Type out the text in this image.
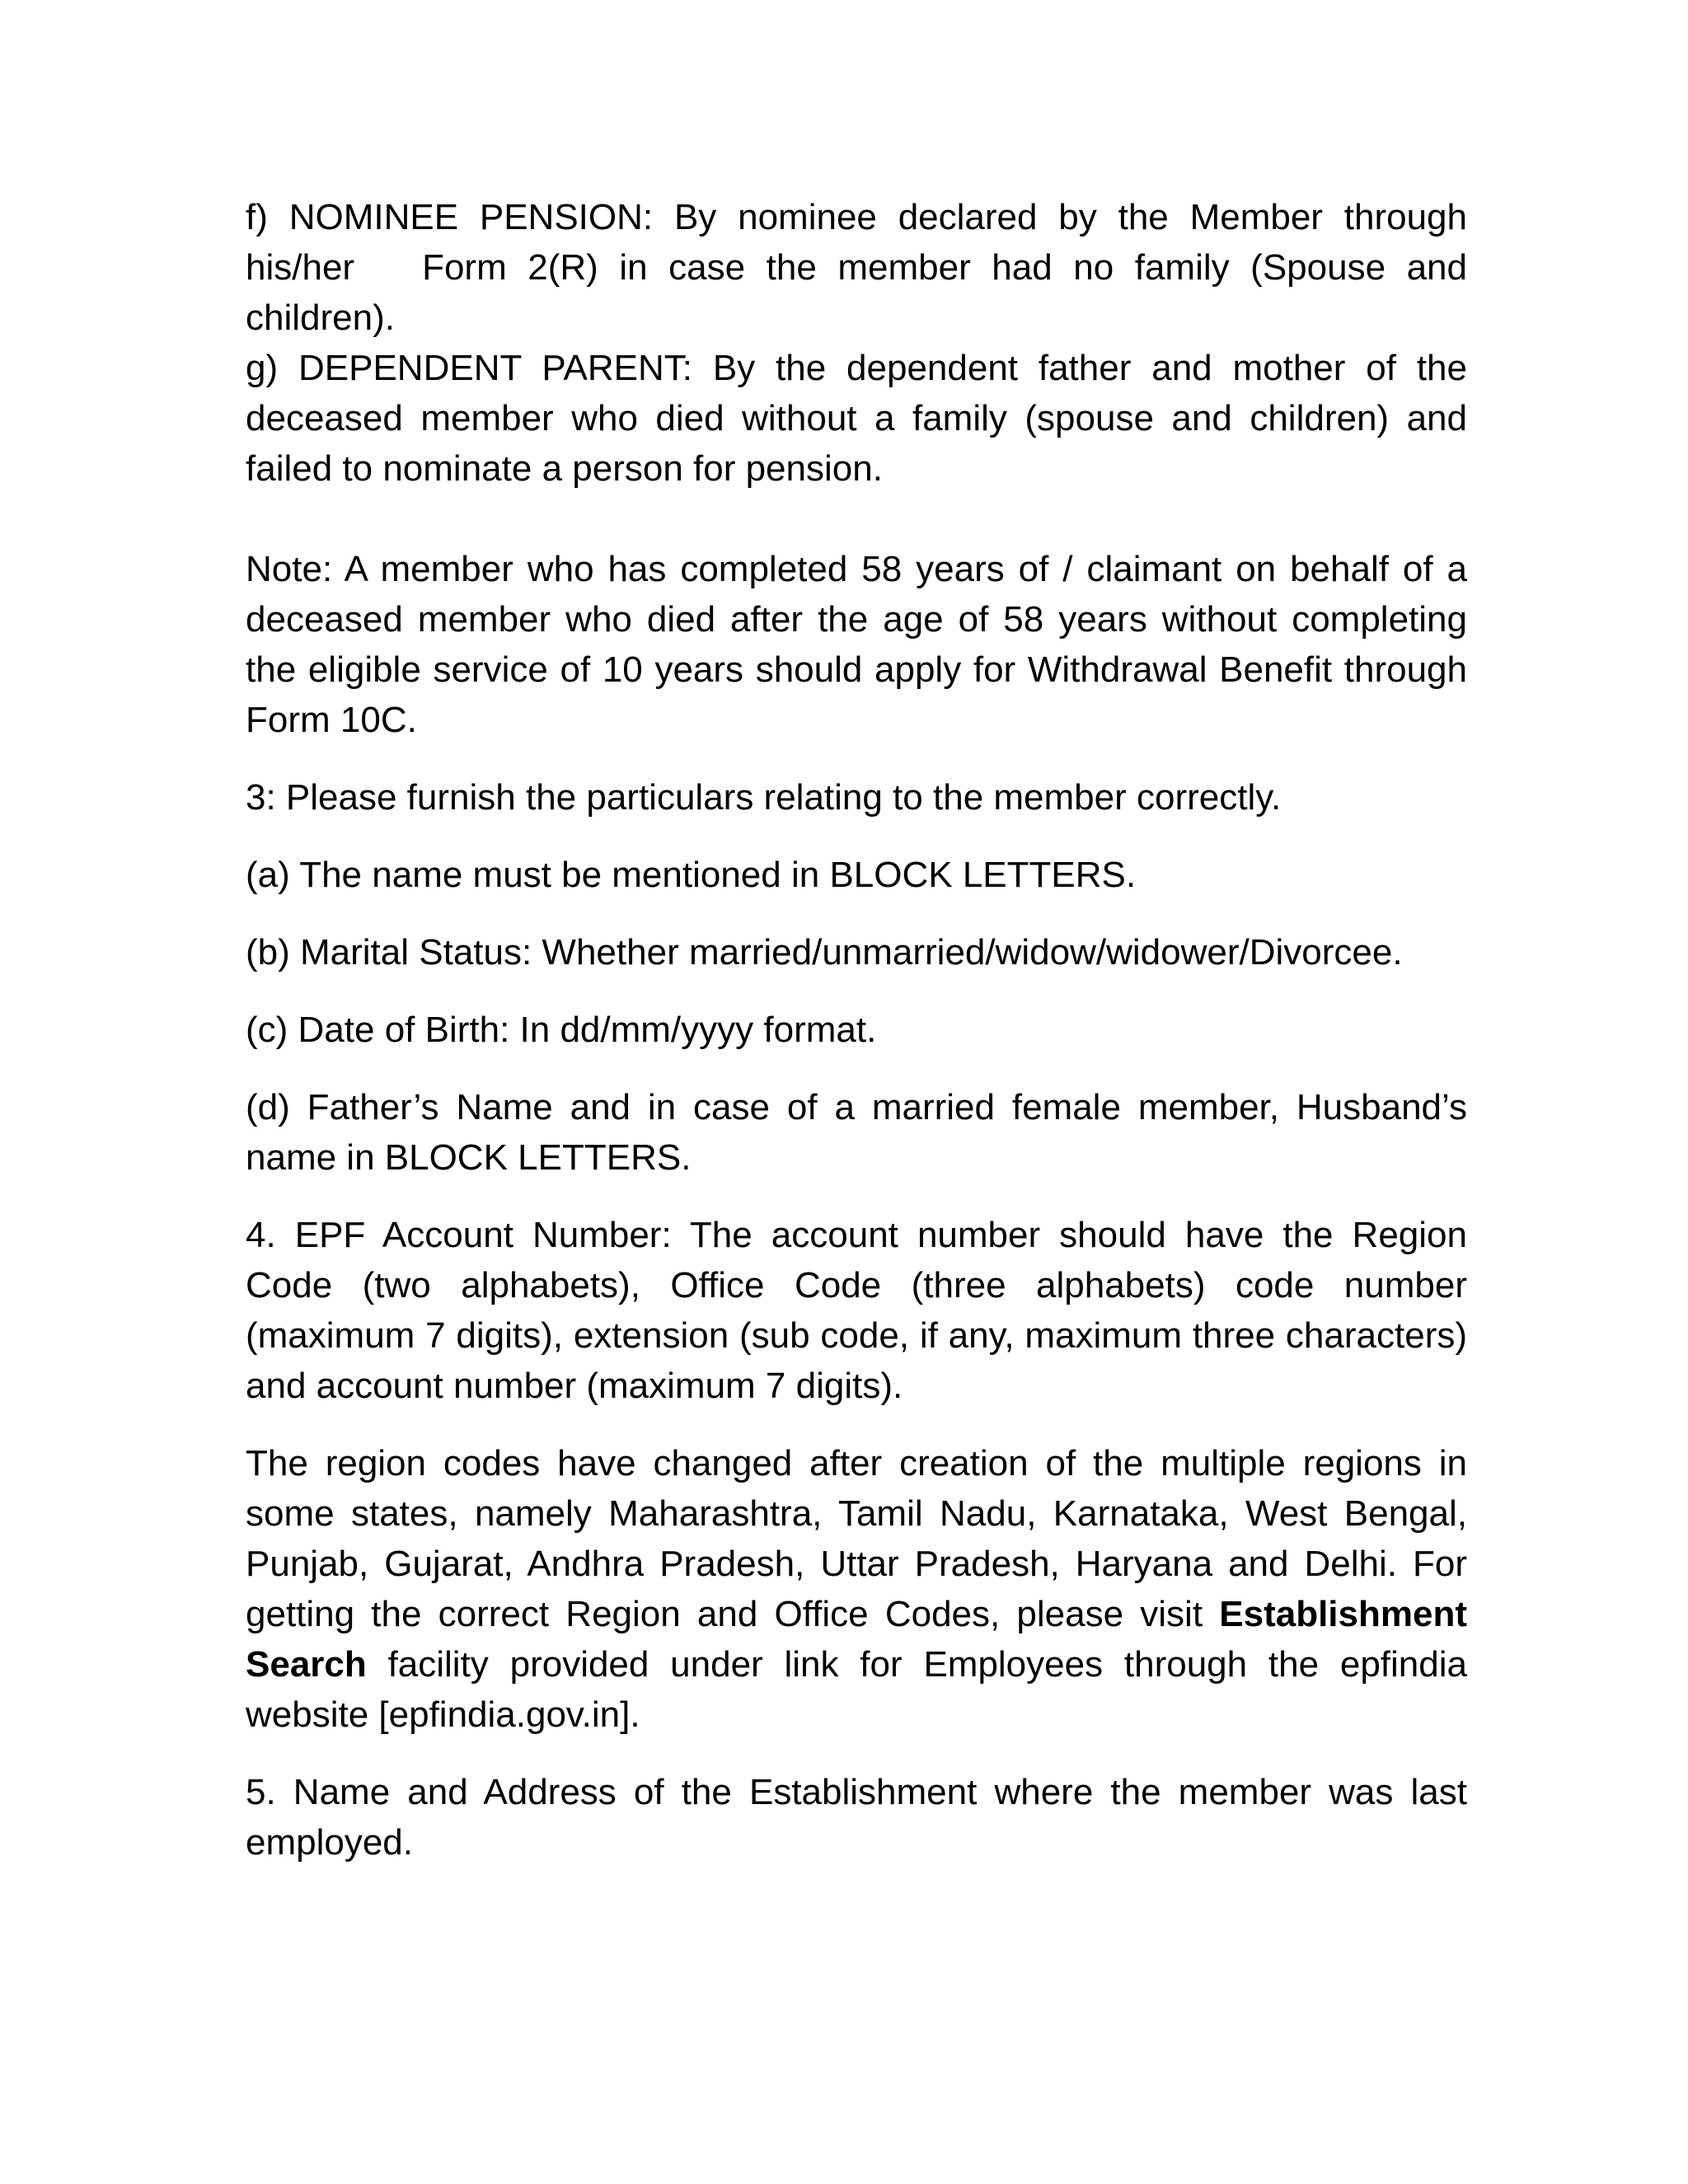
f) NOMINEE PENSION: By nominee declared by the Member through his/her Form 2(R) in case the member had no family (Spouse and children).

g) DEPENDENT PARENT: By the dependent father and mother of the deceased member who died without a family (spouse and children) and failed to nominate a person for pension.

Note: A member who has completed 58 years of / claimant on behalf of a deceased member who died after the age of 58 years without completing the eligible service of 10 years should apply for Withdrawal Benefit through Form 10C.

3: Please furnish the particulars relating to the member correctly.

(a) The name must be mentioned in BLOCK LETTERS.

(b) Marital Status: Whether married/unmarried/widow/widower/Divorcee.

(c) Date of Birth: In dd/mm/yyyy format.

(d) Father’s Name and in case of a married female member, Husband’s name in BLOCK LETTERS.

4. EPF Account Number: The account number should have the Region Code (two alphabets), Office Code (three alphabets) code number (maximum 7 digits), extension (sub code, if any, maximum three characters) and account number (maximum 7 digits).

The region codes have changed after creation of the multiple regions in some states, namely Maharashtra, Tamil Nadu, Karnataka, West Bengal, Punjab, Gujarat, Andhra Pradesh, Uttar Pradesh, Haryana and Delhi. For getting the correct Region and Office Codes, please visit Establishment Search facility provided under link for Employees through the epfindia website [epfindia.gov.in].

5. Name and Address of the Establishment where the member was last employed.
